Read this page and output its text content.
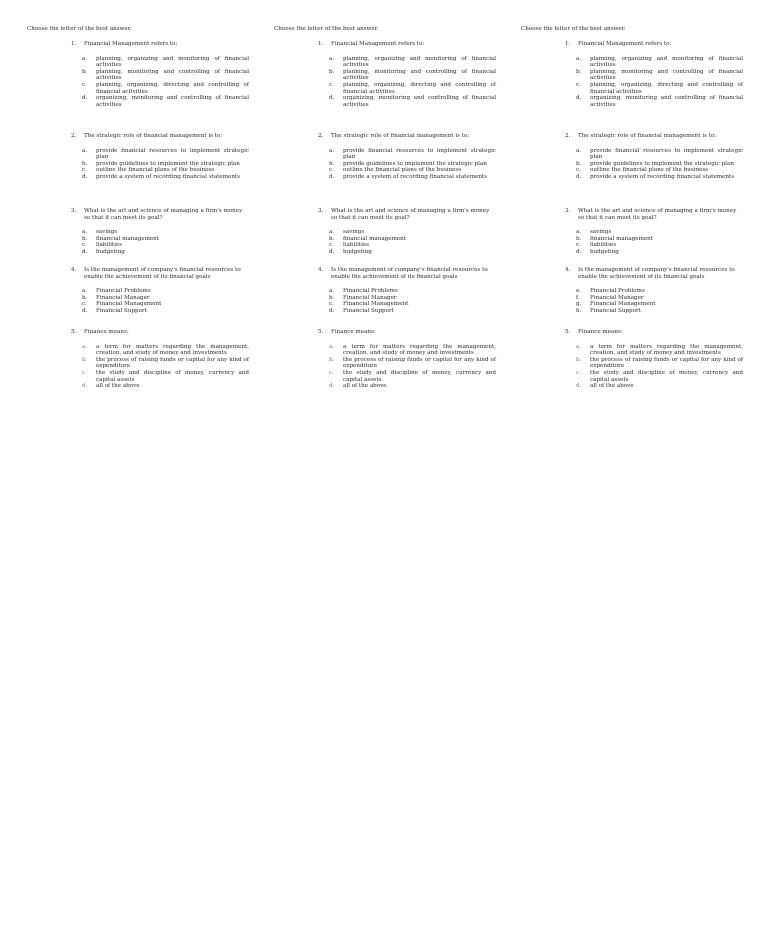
Choose the letter of the best answer.
1. Financial Management refers to:
a. planning, organizing and monitoring of financial activities
b. planning, monitoring and controlling of financial activities
c. planning, organizing, directing and controlling of financial activities
d. organizing, monitoring and controlling of financial activities
2. The strategic role of financial management is to:
a. provide financial resources to implement strategic plan
b. provide guidelines to implement the strategic plan
c. outline the financial plans of the business
d. provide a system of recording financial statements
3. What is the art and science of managing a firm's money so that it can meet its goal?
a. savings
b. financial management
c. liabilities
d. budgeting
4. Is the management of company's financial resources to enable the achievement of its financial goals
a. Financial Problems
b. Financial Manager
c. Financial Management
d. Financial Support
5. Finance means:
a. a term for matters regarding the management, creation, and study of money and investments
b. the process of raising funds or capital for any kind of expenditure
c. the study and discipline of money, currency and capital assets
d. all of the above
Choose the letter of the best answer.
1. Financial Management refers to:
a. planning, organizing and monitoring of financial activities
b. planning, monitoring and controlling of financial activities
c. planning, organizing, directing and controlling of financial activities
d. organizing, monitoring and controlling of financial activities
2. The strategic role of financial management is to:
a. provide financial resources to implement strategic plan
b. provide guidelines to implement the strategic plan
c. outline the financial plans of the business
d. provide a system of recording financial statements
3. What is the art and science of managing a firm's money so that it can meet its goal?
a. savings
b. financial management
c. liabilities
d. budgeting
4. Is the management of company's financial resources to enable the achievement of its financial goals
a. Financial Problems
b. Financial Manager
c. Financial Management
d. Financial Support
5. Finance means:
a. a term for matters regarding the management, creation, and study of money and investments
b. the process of raising funds or capital for any kind of expenditure
c. the study and discipline of money, currency and capital assets
d. all of the above
Choose the letter of the best answer.
1. Financial Management refers to:
a. planning, organizing and monitoring of financial activities
b. planning, monitoring and controlling of financial activities
c. planning, organizing, directing and controlling of financial activities
d. organizing, monitoring and controlling of financial activities
2. The strategic role of financial management is to:
a. provide financial resources to implement strategic plan
b. provide guidelines to implement the strategic plan
c. outline the financial plans of the business
d. provide a system of recording financial statements
3. What is the art and science of managing a firm's money so that it can meet its goal?
a. savings
b. financial management
c. liabilities
d. budgeting
4. Is the management of company's financial resources to enable the achievement of its financial goals
e. Financial Problems
f. Financial Manager
g. Financial Management
h. Financial Support
5. Finance means:
a. a term for matters regarding the management, creation, and study of money and investments
b. the process of raising funds or capital for any kind of expenditure
c. the study and discipline of money, currency and capital assets
d. all of the above
